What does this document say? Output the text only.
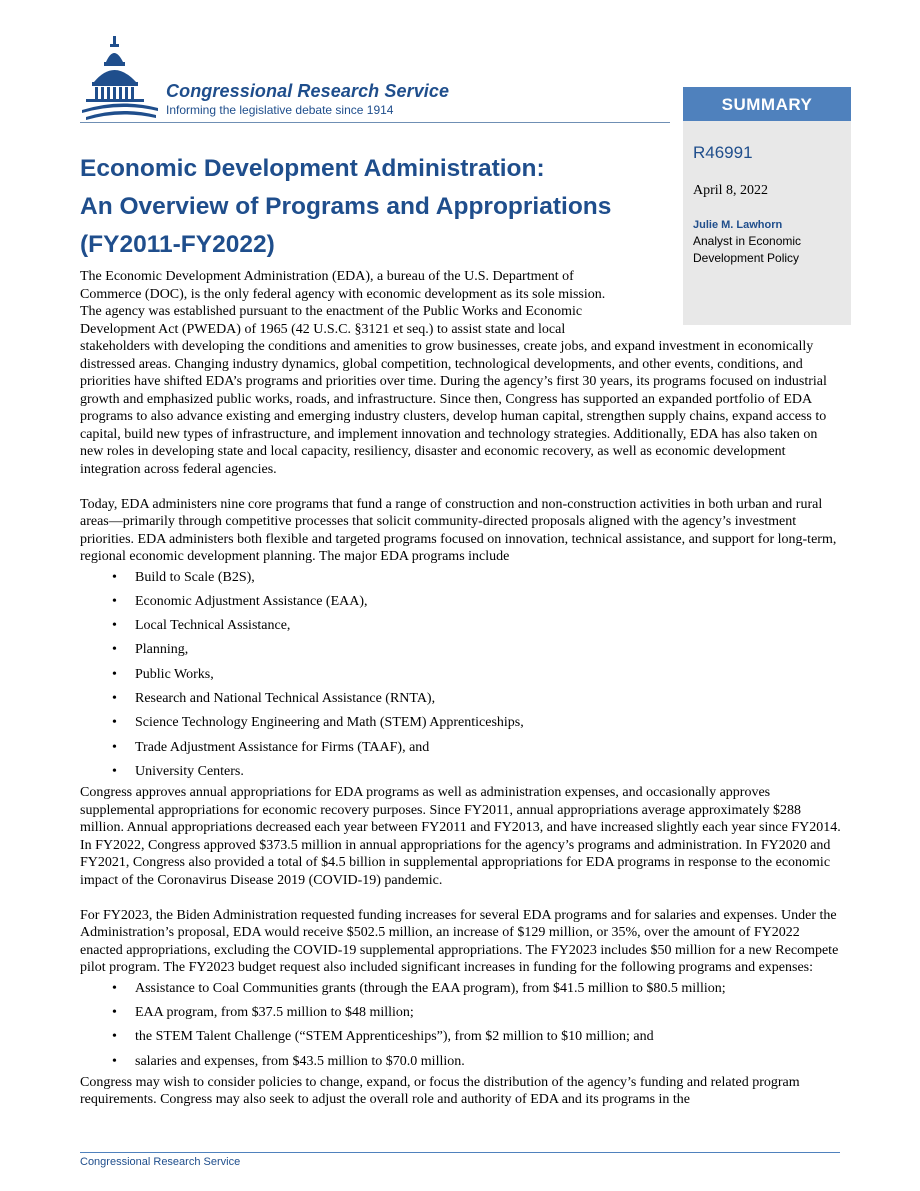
Congressional Research Service
Informing the legislative debate since 1914	SUMMARY
R46991
April 8, 2022
Julie M. Lawhorn
Analyst in Economic Development Policy
Economic Development Administration:
An Overview of Programs and Appropriations
(FY2011-FY2022)

The Economic Development Administration (EDA), a bureau of the U.S. Department of
Commerce (DOC), is the only federal agency with economic development as its sole mission.
The agency was established pursuant to the enactment of the Public Works and Economic
Development Act (PWEDA) of 1965 (42 U.S.C. §3121 et seq.) to assist state and local
stakeholders with developing the conditions and amenities to grow businesses, create jobs, and expand investment in economically distressed areas. Changing industry dynamics, global competition, technological developments, and other events, conditions, and priorities have shifted EDA’s programs and priorities over time. During the agency’s first 30 years, its programs focused on industrial growth and emphasized public works, roads, and infrastructure. Since then, Congress has supported an expanded portfolio of EDA programs to also advance existing and emerging industry clusters, develop human capital, strengthen supply chains, expand access to capital, build new types of infrastructure, and implement innovation and technology strategies. Additionally, EDA has also taken on new roles in developing state and local capacity, resiliency, disaster and economic recovery, as well as economic development integration across federal agencies.

Today, EDA administers nine core programs that fund a range of construction and non-construction activities in both urban and rural areas—primarily through competitive processes that solicit community-directed proposals aligned with the agency’s investment priorities. EDA administers both flexible and targeted programs focused on innovation, technical assistance, and support for long-term, regional economic development planning. The major EDA programs include

• Build to Scale (B2S),
• Economic Adjustment Assistance (EAA),
• Local Technical Assistance,
• Planning,
• Public Works,
• Research and National Technical Assistance (RNTA),
• Science Technology Engineering and Math (STEM) Apprenticeships,
• Trade Adjustment Assistance for Firms (TAAF), and
• University Centers.

Congress approves annual appropriations for EDA programs as well as administration expenses, and occasionally approves supplemental appropriations for economic recovery purposes. Since FY2011, annual appropriations average approximately $288 million. Annual appropriations decreased each year between FY2011 and FY2013, and have increased slightly each year since FY2014. In FY2022, Congress approved $373.5 million in annual appropriations for the agency’s programs and administration. In FY2020 and FY2021, Congress also provided a total of $4.5 billion in supplemental appropriations for EDA programs in response to the economic impact of the Coronavirus Disease 2019 (COVID-19) pandemic.

For FY2023, the Biden Administration requested funding increases for several EDA programs and for salaries and expenses. Under the Administration’s proposal, EDA would receive $502.5 million, an increase of $129 million, or 35%, over the amount of FY2022 enacted appropriations, excluding the COVID-19 supplemental appropriations. The FY2023 includes $50 million for a new Recompete pilot program. The FY2023 budget request also included significant increases in funding for the following programs and expenses:

• Assistance to Coal Communities grants (through the EAA program), from $41.5 million to $80.5 million;
• EAA program, from $37.5 million to $48 million;
• the STEM Talent Challenge (“STEM Apprenticeships”), from $2 million to $10 million; and
• salaries and expenses, from $43.5 million to $70.0 million.

Congress may wish to consider policies to change, expand, or focus the distribution of the agency’s funding and related program requirements. Congress may also seek to adjust the overall role and authority of EDA and its programs in the

Congressional Research Service
